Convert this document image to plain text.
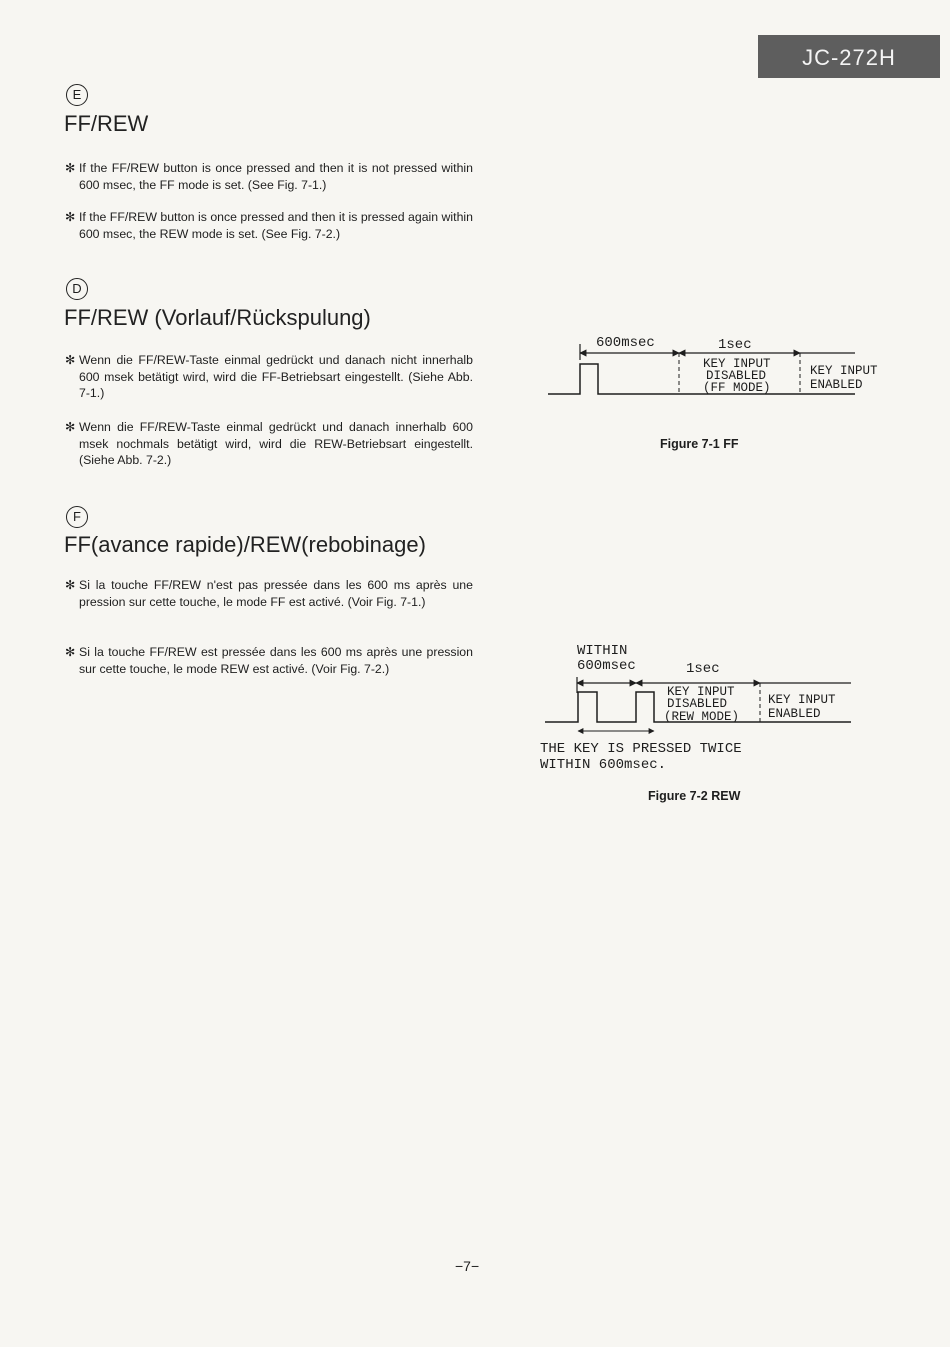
JC-272H
E
FF/REW
✻ If the FF/REW button is once pressed and then it is not pressed within 600 msec, the FF mode is set. (See Fig. 7-1.)
✻ If the FF/REW button is once pressed and then it is pressed again within 600 msec, the REW mode is set. (See Fig. 7-2.)
D
FF/REW (Vorlauf/Rückspulung)
✻ Wenn die FF/REW-Taste einmal gedrückt und danach nicht innerhalb 600 msek betätigt wird, wird die FF-Betriebsart eingestellt. (Siehe Abb. 7-1.)
✻ Wenn die FF/REW-Taste einmal gedrückt und danach innerhalb 600 msek nochmals betätigt wird, wird die REW-Betriebsart eingestellt. (Siehe Abb. 7-2.)
F
FF(avance rapide)/REW(rebobinage)
✻ Si la touche FF/REW n'est pas pressée dans les 600 ms après une pression sur cette touche, le mode FF est activé. (Voir Fig. 7-1.)
✻ Si la touche FF/REW est pressée dans les 600 ms après une pression sur cette touche, le mode REW est activé. (Voir Fig. 7-2.)
600msec	1sec
KEY INPUT
DISABLED
(FF MODE)
KEY INPUT
ENABLED
WITHIN
600msec	1sec
KEY INPUT
DISABLED
(REW MODE)
KEY INPUT
ENABLED
THE KEY IS PRESSED TWICE
WITHIN 600msec.
Figure 7-1 FF
Figure 7-2 REW
−7−
